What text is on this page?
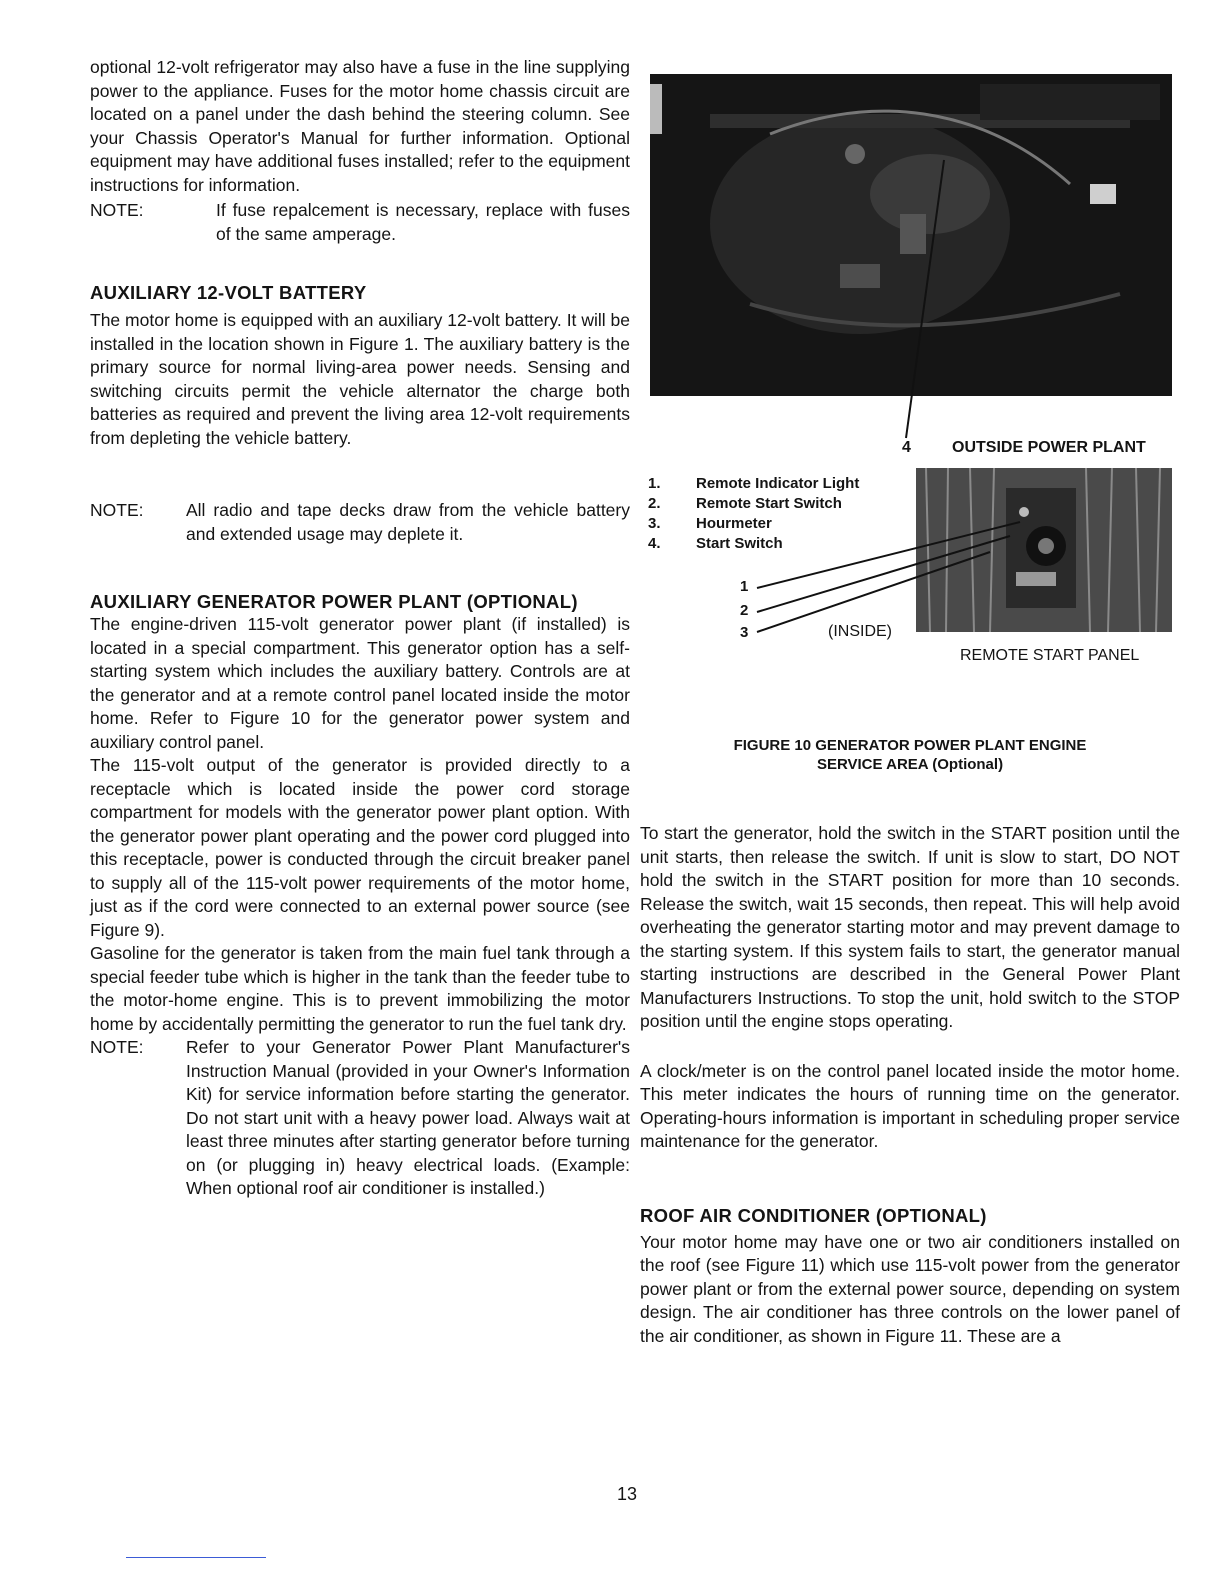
optional 12-volt refrigerator may also have a fuse in the line supplying power to the appliance. Fuses for the motor home chassis circuit are located on a panel under the dash behind the steering column. See your Chassis Operator's Manual for further information. Optional equipment may have additional fuses installed; refer to the equipment instructions for information.

NOTE:	If fuse repalcement is necessary, replace with fuses of the same amperage.
AUXILIARY 12-VOLT BATTERY

The motor home is equipped with an auxiliary 12-volt battery. It will be installed in the location shown in Figure 1. The auxiliary battery is the primary source for normal living-area power needs. Sensing and switching circuits permit the vehicle alternator the charge both batteries as required and prevent the living area 12-volt requirements from depleting the vehicle battery.

NOTE:	All radio and tape decks draw from the vehicle battery and extended usage may deplete it.
AUXILIARY GENERATOR POWER PLANT (OPTIONAL)

The engine-driven 115-volt generator power plant (if installed) is located in a special compartment. This generator option has a self-starting system which includes the auxiliary battery. Controls are at the generator and at a remote control panel located inside the motor home. Refer to Figure 10 for the generator power system and auxiliary control panel.

The 115-volt output of the generator is provided directly to a receptacle which is located inside the power cord storage compartment for models with the generator power plant option. With the generator power plant operating and the power cord plugged into this receptacle, power is conducted through the circuit breaker panel to supply all of the 115-volt power requirements of the motor home, just as if the cord were connected to an external power source (see Figure 9).

Gasoline for the generator is taken from the main fuel tank through a special feeder tube which is higher in the tank than the feeder tube to the motor-home engine. This is to prevent immobilizing the motor home by accidentally permitting the generator to run the fuel tank dry.

NOTE:	Refer to your Generator Power Plant Manufacturer's Instruction Manual (provided in your Owner's Information Kit) for service information before starting the generator. Do not start unit with a heavy power load. Always wait at least three minutes after starting generator before turning on (or plugging in) heavy electrical loads. (Example: When optional roof air conditioner is installed.)
4	OUTSIDE POWER PLANT
1.	Remote Indicator Light
2.	Remote Start Switch
3.	Hourmeter
4.	Start Switch
1
2
3	(INSIDE)
REMOTE START PANEL
FIGURE 10 GENERATOR POWER PLANT ENGINE
SERVICE AREA (Optional)

To start the generator, hold the switch in the START position until the unit starts, then release the switch. If unit is slow to start, DO NOT hold the switch in the START position for more than 10 seconds. Release the switch, wait 15 seconds, then repeat. This will help avoid overheating the generator starting motor and may prevent damage to the starting system. If this system fails to start, the generator manual starting instructions are described in the General Power Plant Manufacturers Instructions. To stop the unit, hold switch to the STOP position until the engine stops operating.

A clock/meter is on the control panel located inside the motor home. This meter indicates the hours of running time on the generator. Operating-hours information is important in scheduling proper service maintenance for the generator.

ROOF AIR CONDITIONER (OPTIONAL)

Your motor home may have one or two air conditioners installed on the roof (see Figure 11) which use 115-volt power from the generator power plant or from the external power source, depending on system design. The air conditioner has three controls on the lower panel of the air conditioner, as shown in Figure 11. These are a

13
